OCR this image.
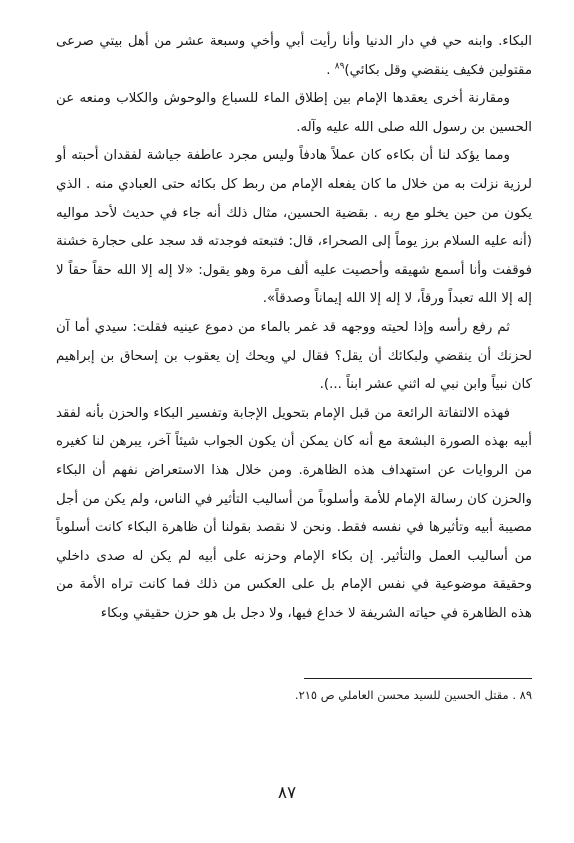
البكاء. وابنه حي في دار الدنيا وأنا رأيت أبي وأخي وسبعة عشر من أهل بيتي صرعى مقتولين فكيف ينقضي وقل بكائي)$^{٨٩}$ .

ومقارنة أخرى يعقدها الإمام بين إطلاق الماء للسباع والوحوش والكلاب ومنعه عن الحسين بن رسول الله صلى الله عليه وآله.

ومما يؤكد لنا أن بكاءه كان عملاً هادفاً وليس مجرد عاطفة جياشة لفقدان أحبته أو لرزية نزلت به من خلال ما كان يفعله الإمام من ربط كل بكائه حتى العبادي منه . الذي يكون من حين يخلو مع ربه . بقضية الحسين، مثال ذلك أنه جاء في حديث لأحد مواليه (أنه عليه السلام برز يوماً إلى الصحراء، قال: فتبعته فوجدته قد سجد على حجارة خشنة فوقفت وأنا أسمع شهيقه وأحصيت عليه ألف مرة وهو يقول: «لا إله إلا الله حقاً حقاً لا إله إلا الله تعبداً ورقاً، لا إله إلا الله إيماناً وصدقاً».

ثم رفع رأسه وإذا لحيته ووجهه قد غمر بالماء من دموع عينيه فقلت: سيدي أما آن لحزنك أن ينقضي ولبكائك أن يقل؟ فقال لي ويحك إن يعقوب بن إسحاق بن إبراهيم كان نبياً وابن نبي له اثني عشر ابناً ...).

فهذه الالتفاتة الرائعة من قبل الإمام بتحويل الإجابة وتفسير البكاء والحزن بأنه لفقد أبيه بهذه الصورة البشعة مع أنه كان يمكن أن يكون الجواب شيئاً آخر، يبرهن لنا كغيره من الروايات عن استهداف هذه الظاهرة. ومن خلال هذا الاستعراض نفهم أن البكاء والحزن كان رسالة الإمام للأمة وأسلوباً من أساليب التأثير في الناس، ولم يكن من أجل مصيبة أبيه وتأثيرها في نفسه فقط. ونحن لا نقصد بقولنا أن ظاهرة البكاء كانت أسلوباً من أساليب العمل والتأثير. إن بكاء الإمام وحزنه على أبيه لم يكن له صدى داخلي وحقيقة موضوعية في نفس الإمام بل على العكس من ذلك فما كانت تراه الأمة من هذه الظاهرة في حياته الشريفة لا خداع فيها، ولا دجل بل هو حزن حقيقي وبكاء

٨٩ . مقتل الحسين للسيد محسن العاملي ص ٢١٥.
٨٧
